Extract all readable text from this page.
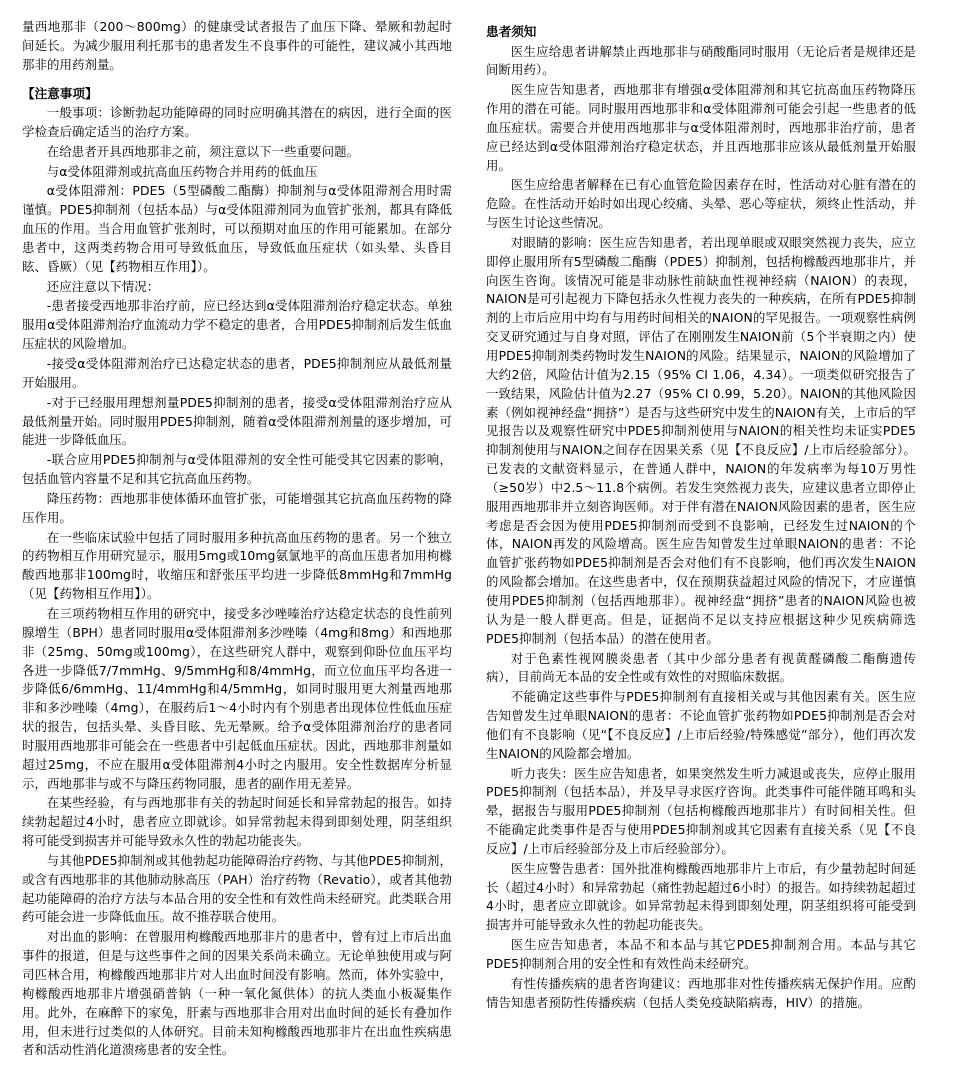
量西地那非（200～800mg）的健康受试者报告了血压下降、晕厥和勃起时间延长。为减少服用利托那韦的患者发生不良事件的可能性，建议减小其西地那非的用药剂量。

【注意事项】

一般事项：诊断勃起功能障碍的同时应明确其潜在的病因，进行全面的医学检查后确定适当的治疗方案。

在给患者开具西地那非之前，须注意以下一些重要问题。

与α受体阻滞剂或抗高血压药物合并用药的低血压

α受体阻滞剂：PDE5（5型磷酸二酯酶）抑制剂与α受体阻滞剂合用时需谨慎。PDE5抑制剂（包括本品）与α受体阻滞剂同为血管扩张剂，都具有降低血压的作用。当合用血管扩张剂时，可以预期对血压的作用可能累加。在部分患者中，这两类药物合用可导致低血压，导致低血压症状（如头晕、头昏目眩、昏厥）（见【药物相互作用】）。

还应注意以下情况：

-患者接受西地那非治疗前，应已经达到α受体阻滞剂治疗稳定状态。单独服用α受体阻滞剂治疗血流动力学不稳定的患者，合用PDE5抑制剂后发生低血压症状的风险增加。

-接受α受体阻滞剂治疗已达稳定状态的患者，PDE5抑制剂应从最低剂量开始服用。

-对于已经服用理想剂量PDE5抑制剂的患者，接受α受体阻滞剂治疗应从最低剂量开始。同时服用PDE5抑制剂，随着α受体阻滞剂剂量的逐步增加，可能进一步降低血压。

-联合应用PDE5抑制剂与α受体阻滞剂的安全性可能受其它因素的影响，包括血管内容量不足和其它抗高血压药物。

降压药物：西地那非使体循环血管扩张，可能增强其它抗高血压药物的降压作用。

在一些临床试验中包括了同时服用多种抗高血压药物的患者。另一个独立的药物相互作用研究显示，服用5mg或10mg氨氯地平的高血压患者加用枸橼酸西地那非100mg时，收缩压和舒张压平均进一步降低8mmHg和7mmHg（见【药物相互作用】）。

在三项药物相互作用的研究中，接受多沙唑嗪治疗达稳定状态的良性前列腺增生（BPH）患者同时服用α受体阻滞剂多沙唑嗪（4mg和8mg）和西地那非（25mg、50mg或100mg），在这些研究人群中，观察到仰卧位血压平均各进一步降低7/7mmHg、9/5mmHg和8/4mmHg，而立位血压平均各进一步降低6/6mmHg、11/4mmHg和4/5mmHg，如同时服用更大剂量西地那非和多沙唑嗪（4mg），在服药后1～4小时内有个别患者出现体位性低血压症状的报告，包括头晕、头昏目眩、先无晕厥。给予α受体阻滞剂治疗的患者同时服用西地那非可能会在一些患者中引起低血压症状。因此，西地那非剂量如超过25mg，不应在服用α受体阻滞剂4小时之内服用。安全性数据库分析显示，西地那非与或不与降压药物同服，患者的副作用无差异。

在某些经验，有与西地那非有关的勃起时间延长和异常勃起的报告。如持续勃起超过4小时，患者应立即就诊。如异常勃起未得到即刻处理，阴茎组织将可能受到损害并可能导致永久性的勃起功能丧失。

与其他PDE5抑制剂或其他勃起功能障碍治疗药物、与其他PDE5抑制剂，或含有西地那非的其他肺动脉高压（PAH）治疗药物（Revatio），或者其他勃起功能障碍的治疗方法与本品合用的安全性和有效性尚未经研究。此类联合用药可能会进一步降低血压。故不推荐联合使用。

对出血的影响：在曾服用枸橼酸西地那非片的患者中，曾有过上市后出血事件的报道，但是与这些事件之间的因果关系尚未确立。无论单独使用或与阿司匹林合用，枸橼酸西地那非片对人出血时间没有影响。然而，体外实验中，枸橼酸西地那非片增强硝普钠（一种一氧化氮供体）的抗人类血小板凝集作用。此外，在麻醉下的家兔，肝素与西地那非合用对出血时间的延长有叠加作用，但未进行过类似的人体研究。目前未知枸橼酸西地那非片在出血性疾病患者和活动性消化道溃疡患者的安全性。

患者须知

医生应给患者讲解禁止西地那非与硝酸酯同时服用（无论后者是规律还是间断用药）。

医生应告知患者，西地那非有增强α受体阻滞剂和其它抗高血压药物降压作用的潜在可能。同时服用西地那非和α受体阻滞剂可能会引起一些患者的低血压症状。需要合并使用西地那非与α受体阻滞剂时，西地那非治疗前，患者应已经达到α受体阻滞剂治疗稳定状态，并且西地那非应该从最低剂量开始服用。

医生应给患者解释在已有心血管危险因素存在时，性活动对心脏有潜在的危险。在性活动开始时如出现心绞痛、头晕、恶心等症状，须终止性活动，并与医生讨论这些情况。

对眼睛的影响：医生应告知患者，若出现单眼或双眼突然视力丧失，应立即停止服用所有5型磷酸二酯酶（PDE5）抑制剂，包括枸橼酸西地那非片，并向医生咨询。该情况可能是非动脉性前缺血性视神经病（NAION）的表现，NAION是可引起视力下降包括永久性视力丧失的一种疾病，在所有PDE5抑制剂的上市后应用中均有与用药时间相关的NAION的罕见报告。一项观察性病例交叉研究通过与自身对照，评估了在刚刚发生NAION前（5个半衰期之内）使用PDE5抑制剂类药物时发生NAION的风险。结果显示，NAION的风险增加了大约2倍，风险估计值为2.15（95% CI 1.06，4.34）。一项类似研究报告了一致结果，风险估计值为2.27（95% CI 0.99，5.20）。NAION的其他风险因素（例如视神经盘“拥挤”）是否与这些研究中发生的NAION有关，上市后的罕见报告以及观察性研究中PDE5抑制剂使用与NAION的相关性均未证实PDE5抑制剂使用与NAION之间存在因果关系（见【不良反应】/上市后经验部分）。已发表的文献资料显示，在普通人群中，NAION的年发病率为每10万男性（≥50岁）中2.5～11.8个病例。若发生突然视力丧失，应建议患者立即停止服用西地那非并立刻咨询医师。对于伴有潜在NAION风险因素的患者，医生应考虑是否会因为使用PDE5抑制剂而受到不良影响，已经发生过NAION的个体，NAION再发的风险增高。医生应告知曾发生过单眼NAION的患者：不论血管扩张药物如PDE5抑制剂是否会对他们有不良影响，他们再次发生NAION的风险都会增加。在这些患者中，仅在预期获益超过风险的情况下，才应谨慎使用PDE5抑制剂（包括西地那非）。视神经盘“拥挤”患者的NAION风险也被认为是一般人群更高。但是，证据尚不足以支持应根据这种少见疾病筛选PDE5抑制剂（包括本品）的潜在使用者。

对于色素性视网膜炎患者（其中少部分患者有视黄醛磷酸二酯酶遗传病），目前尚无本品的安全性或有效性的对照临床数据。

不能确定这些事件与PDE5抑制剂有直接相关或与其他因素有关。医生应告知曾发生过单眼NAION的患者：不论血管扩张药物如PDE5抑制剂是否会对他们有不良影响（见“【不良反应】/上市后经验/特殊感觉”部分），他们再次发生NAION的风险都会增加。

听力丧失：医生应告知患者，如果突然发生听力减退或丧失，应停止服用PDE5抑制剂（包括本品），并及早寻求医疗咨询。此类事件可能伴随耳鸣和头晕，据报告与服用PDE5抑制剂（包括枸橼酸西地那非片）有时间相关性。但不能确定此类事件是否与使用PDE5抑制剂或其它因素有直接关系（见【不良反应】/上市后经验部分及上市后经验部分）。

医生应警告患者：国外批准枸橼酸西地那非片上市后，有少量勃起时间延长（超过4小时）和异常勃起（痛性勃起超过6小时）的报告。如持续勃起超过4小时，患者应立即就诊。如异常勃起未得到即刻处理，阴茎组织将可能受到损害并可能导致永久性的勃起功能丧失。

医生应告知患者，本品不和本品与其它PDE5抑制剂合用。本品与其它PDE5抑制剂合用的安全性和有效性尚未经研究。

有性传播疾病的患者咨询建议：西地那非对性传播疾病无保护作用。应酌情告知患者预防性传播疾病（包括人类免疫缺陷病毒，HIV）的措施。
